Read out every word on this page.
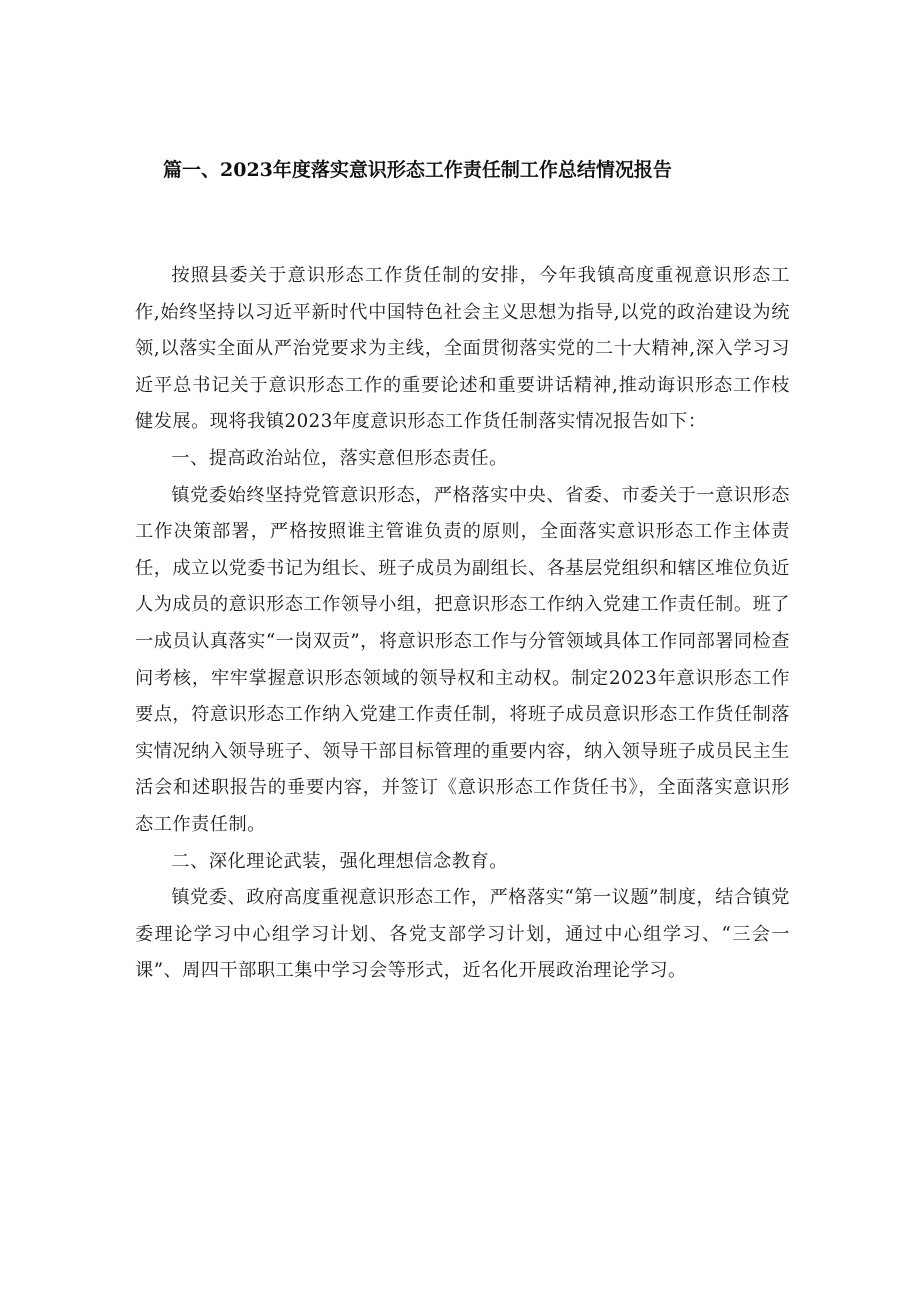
篇一、2023年度落实意识形态工作责任制工作总结情况报告

按照县委关于意识形态工作货任制的安排，今年我镇高度重视意识形态工作,始终坚持以习近平新时代中国特色社会主义思想为指导,以党的政治建设为统领,以落实全面从严治党要求为主线，全面贯彻落实党的二十大精神,深入学习习近平总书记关于意识形态工作的重要论述和重要讲话精神,推动诲识形态工作枝健发展。现将我镇2023年度意识形态工作货任制落实情况报告如下：

一、提高政治站位，落实意但形态责任。

镇党委始终坚持党管意识形态，严格落实中央、省委、市委关于一意识形态工作决策部署，严格按照谁主管谁负责的原则，全面落实意识形态工作主体责任，成立以党委书记为组长、班子成员为副组长、各基层党组织和辖区堆位负近人为成员的意识形态工作领导小组，把意识形态工作纳入党建工作责任制。班了一成员认真落实“一岗双贡”，将意识形态工作与分管领域具体工作同部署同检查问考核，牢牢掌握意识形态领域的领导权和主动权。制定2023年意识形态工作要点，符意识形态工作纳入党建工作责任制，将班子成员意识形态工作货任制落实情况纳入领导班子、领导干部目标管理的重要内容，纳入领导班子成员民主生活会和述职报告的垂要内容，并签订《意识形态工作货任书》，全面落实意识形态工作责任制。

二、深化理论武装，强化理想信念教育。

镇党委、政府高度重视意识形态工作，严格落实“第一议题”制度，结合镇党委理论学习中心组学习计划、各党支部学习计划，通过中心组学习、“三会一课”、周四干部职工集中学习会等形式，近名化开展政治理论学习。
